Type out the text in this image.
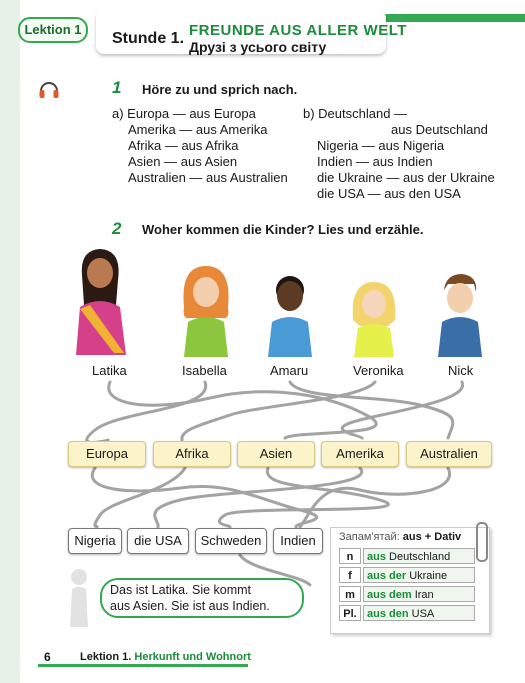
Lektion 1
Stunde 1. FREUNDE AUS ALLER WELT
Друзі з усього світу
1 Höre zu und sprich nach.
a) Europa — aus Europa
Amerika — aus Amerika
Afrika — aus Afrika
Asien — aus Asien
Australien — aus Australien
b) Deutschland —
aus Deutschland
Nigeria — aus Nigeria
Indien — aus Indien
die Ukraine — aus der Ukraine
die USA — aus den USA
2 Woher kommen die Kinder? Lies und erzähle.
Latika	Isabella	Amaru	Veronika	Nick
Europa	Afrika	Asien	Amerika	Australien
Nigeria	die USA	Schweden	Indien
Das ist Latika. Sie kommt
aus Asien. Sie ist aus Indien.
Запам'ятай: aus + Dativ
n	aus Deutschland
f	aus der Ukraine
m	aus dem Iran
Pl. aus den USA
6	Lektion 1. Herkunft und Wohnort
